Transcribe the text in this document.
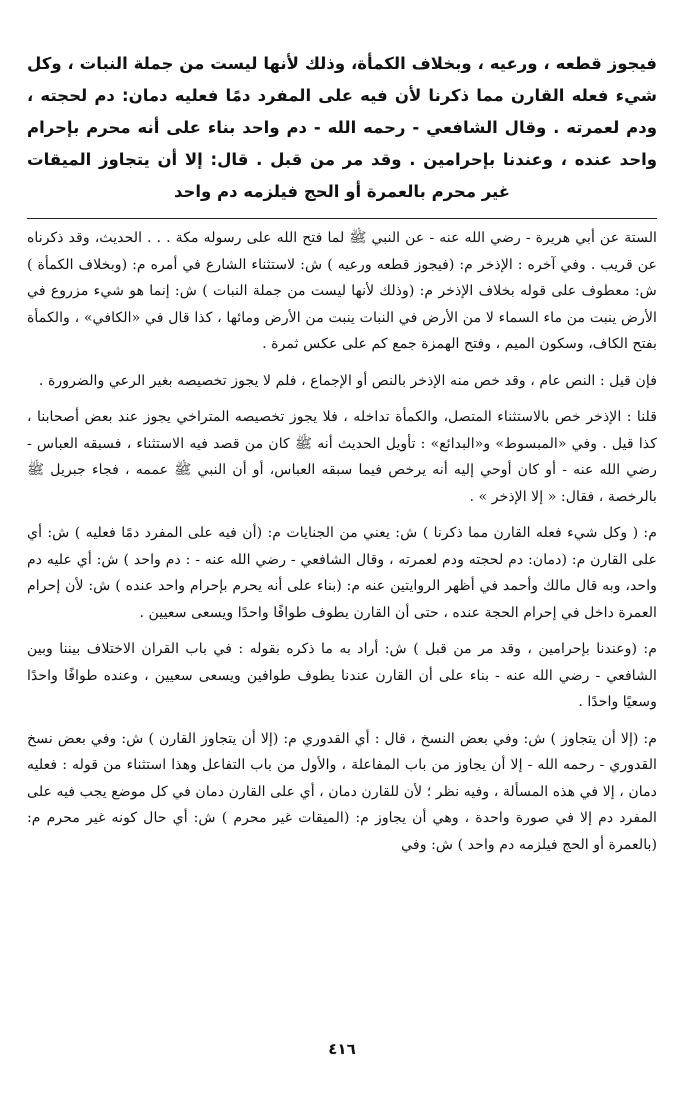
فيجوز قطعه ، ورعيه ، وبخلاف الكمأة، وذلك لأنها ليست من جملة النبات ، وكل شيء فعله القارن مما ذكرنا لأن فيه على المفرد دمًا فعليه دمان: دم لحجته ، ودم لعمرته . وقال الشافعي - رحمه الله - دم واحد بناء على أنه محرم بإحرام واحد عنده ، وعندنا بإحرامين . وقد مر من قبل . قال: إلا أن يتجاوز الميقات غير محرم بالعمرة أو الحج فيلزمه دم واحد

الستة عن أبي هريرة - رضي الله عنه - عن النبي ﷺ لما فتح الله على رسوله مكة . . . الحديث، وقد ذكرناه عن قريب . وفي آخره : الإذخر م: (فيجوز قطعه ورعيه ) ش: لاستثناء الشارع في أمره م: (وبخلاف الكمأة ) ش: معطوف على قوله بخلاف الإذخر م: (وذلك لأنها ليست من جملة النبات ) ش: إنما هو شيء مزروع في الأرض ينبت من ماء السماء لا من الأرض في النبات ينبت من الأرض ومائها ، كذا قال في «الكافي» ، والكمأة بفتح الكاف، وسكون الميم ، وفتح الهمزة جمع كم على عكس ثمرة .

فإن قيل : النص عام ، وقد خص منه الإذخر بالنص أو الإجماع ، فلم لا يجوز تخصيصه بغير الرعي والضرورة .

قلنا : الإذخر خص بالاستثناء المتصل، والكمأة تداخله ، فلا يجوز تخصيصه المتراخي يجوز عند بعض أصحابنا ، كذا قيل . وفي «المبسوط» و«البدائع» : تأويل الحديث أنه ﷺ كان من قصد فيه الاستثناء ، فسبقه العباس - رضي الله عنه - أو كان أوحي إليه أنه يرخص فيما سبقه العباس، أو أن النبي ﷺ عممه ، فجاء جبريل ﷺ بالرخصة ، فقال: « إلا الإذخر » .

م: ( وكل شيء فعله القارن مما ذكرنا ) ش: يعني من الجنايات م: (أن فيه على المفرد دمًا فعليه ) ش: أي على القارن م: (دمان: دم لحجته ودم لعمرته ، وقال الشافعي - رضي الله عنه - : دم واحد ) ش: أي عليه دم واحد، وبه قال مالك وأحمد في أظهر الروايتين عنه م: (بناء على أنه يحرم بإحرام واحد عنده ) ش: لأن إحرام العمرة داخل في إحرام الحجة عنده ، حتى أن القارن يطوف طوافًا واحدًا ويسعى سعيين .

م: (وعندنا بإحرامين ، وقد مر من قبل ) ش: أراد به ما ذكره بقوله : في باب القران الاختلاف بيننا وبين الشافعي - رضي الله عنه - بناء على أن القارن عندنا يطوف طوافين ويسعى سعيين ، وعنده طوافًا واحدًا وسعيًا واحدًا .

م: (إلا أن يتجاوز ) ش: وفي بعض النسخ ، قال : أي القدوري م: (إلا أن يتجاوز القارن ) ش: وفي بعض نسخ القدوري - رحمه الله - إلا أن يجاوز من باب المفاعلة ، والأول من باب التفاعل وهذا استثناء من قوله : فعليه دمان ، إلا في هذه المسألة ، وفيه نظر ؛ لأن للقارن دمان ، أي على القارن دمان في كل موضع يجب فيه على المفرد دم إلا في صورة واحدة ، وهي أن يجاوز م: (الميقات غير محرم ) ش: أي حال كونه غير محرم م: (بالعمرة أو الحج فيلزمه دم واحد ) ش: وفي

٤١٦
